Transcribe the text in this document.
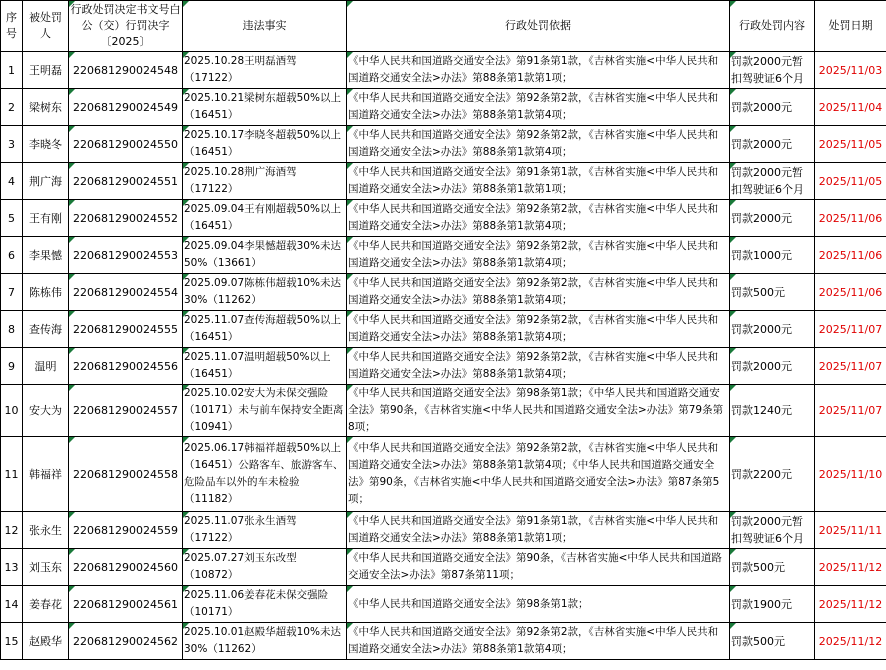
序号	被处罚人	行政处罚决定书文号白公（交）行罚决字〔2025〕	违法事实	行政处罚依据	行政处罚内容	处罚日期
1	王明磊	220681290024548	2025.10.28王明磊酒驾（17122）	《中华人民共和国道路交通安全法》第91条第1款，《吉林省实施<中华人民共和国道路交通安全法>办法》第88条第1款第1项；	罚款2000元暂扣驾驶证6个月	2025/11/03
2	梁树东	220681290024549	2025.10.21梁树东超载50%以上（16451）	《中华人民共和国道路交通安全法》第92条第2款，《吉林省实施<中华人民共和国道路交通安全法>办法》第88条第1款第4项；	罚款2000元	2025/11/04
3	李晓冬	220681290024550	2025.10.17李晓冬超载50%以上（16451）	《中华人民共和国道路交通安全法》第92条第2款，《吉林省实施<中华人民共和国道路交通安全法>办法》第88条第1款第4项；	罚款2000元	2025/11/05
4	荆广海	220681290024551	2025.10.28荆广海酒驾（17122）	《中华人民共和国道路交通安全法》第91条第1款，《吉林省实施<中华人民共和国道路交通安全法>办法》第88条第1款第1项；	罚款2000元暂扣驾驶证6个月	2025/11/05
5	王有刚	220681290024552	2025.09.04王有刚超载50%以上（16451）	《中华人民共和国道路交通安全法》第92条第2款，《吉林省实施<中华人民共和国道路交通安全法>办法》第88条第1款第4项；	罚款2000元	2025/11/06
6	李果憾	220681290024553	2025.09.04李果憾超载30%未达50%（13661）	《中华人民共和国道路交通安全法》第92条第2款，《吉林省实施<中华人民共和国道路交通安全法>办法》第88条第1款第4项；	罚款1000元	2025/11/06
7	陈栋伟	220681290024554	2025.09.07陈栋伟超载10%未达30%（11262）	《中华人民共和国道路交通安全法》第92条第2款，《吉林省实施<中华人民共和国道路交通安全法>办法》第88条第1款第4项；	罚款500元	2025/11/06
8	查传海	220681290024555	2025.11.07查传海超载50%以上（16451）	《中华人民共和国道路交通安全法》第92条第2款，《吉林省实施<中华人民共和国道路交通安全法>办法》第88条第1款第4项；	罚款2000元	2025/11/07
9	温明	220681290024556	2025.11.07温明超载50%以上（16451）	《中华人民共和国道路交通安全法》第92条第2款，《吉林省实施<中华人民共和国道路交通安全法>办法》第88条第1款第4项；	罚款2000元	2025/11/07
10	安大为	220681290024557	2025.10.02安大为未保交强险（10171）未与前车保持安全距离（10941）	《中华人民共和国道路交通安全法》第98条第1款；《中华人民共和国道路交通安全法》第90条，《吉林省实施<中华人民共和国道路交通安全法>办法》第79条第8项；	罚款1240元	2025/11/07
11	韩福祥	220681290024558	2025.06.17韩福祥超载50%以上（16451）公路客车、旅游客车、危险品车以外的车未检验（11182）	《中华人民共和国道路交通安全法》第92条第2款，《吉林省实施<中华人民共和国道路交通安全法>办法》第88条第1款第4项；《中华人民共和国道路交通安全法》第90条，《吉林省实施<中华人民共和国道路交通安全法>办法》第87条第5项；	罚款2200元	2025/11/10
12	张永生	220681290024559	2025.11.07张永生酒驾（17122）	《中华人民共和国道路交通安全法》第91条第1款，《吉林省实施<中华人民共和国道路交通安全法>办法》第88条第1款第1项；	罚款2000元暂扣驾驶证6个月	2025/11/11
13	刘玉东	220681290024560	2025.07.27刘玉东改型（10872）	《中华人民共和国道路交通安全法》第90条，《吉林省实施<中华人民共和国道路交通安全法>办法》第87条第11项；	罚款500元	2025/11/12
14	姜春花	220681290024561	2025.11.06姜春花未保交强险（10171）	《中华人民共和国道路交通安全法》第98条第1款；	罚款1900元	2025/11/12
15	赵殿华	220681290024562	2025.10.01赵殿华超载10%未达30%（11262）	《中华人民共和国道路交通安全法》第92条第2款，《吉林省实施<中华人民共和国道路交通安全法>办法》第88条第1款第4项；	罚款500元	2025/11/12
